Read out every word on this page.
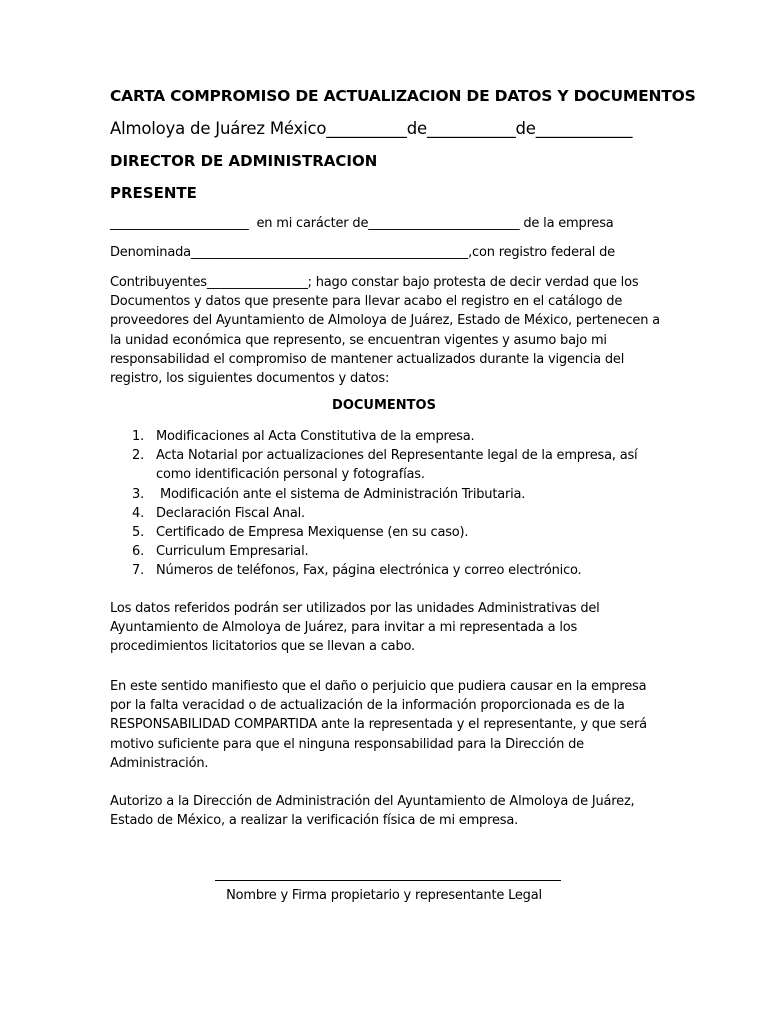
CARTA COMPROMISO DE ACTUALIZACION DE DATOS Y DOCUMENTOS
Almoloya de Juárez México__________de___________de____________
DIRECTOR DE ADMINISTRACION
PRESENTE
______________________  en mi carácter de________________________ de la empresa
Denominada____________________________________________,con registro federal de
Contribuyentes________________; hago constar bajo protesta de decir verdad que los Documentos y datos que presente para llevar acabo el registro en el catálogo de proveedores del Ayuntamiento de Almoloya de Juárez, Estado de México, pertenecen a la unidad económica que represento, se encuentran vigentes y asumo bajo mi responsabilidad el compromiso de mantener actualizados durante la vigencia del registro, los siguientes documentos y datos:
DOCUMENTOS
1. Modificaciones al Acta Constitutiva de la empresa.
2. Acta Notarial por actualizaciones del Representante legal de la empresa, así como identificación personal y fotografías.
3. Modificación ante el sistema de Administración Tributaria.
4. Declaración Fiscal Anal.
5. Certificado de Empresa Mexiquense (en su caso).
6. Curriculum Empresarial.
7. Números de teléfonos, Fax, página electrónica y correo electrónico.
Los datos referidos podrán ser utilizados por las unidades Administrativas del Ayuntamiento de Almoloya de Juárez, para invitar a mi representada a los procedimientos licitatorios que se llevan a cabo.
En este sentido manifiesto que el daño o perjuicio que pudiera causar en la empresa por la falta veracidad o de actualización de la información proporcionada es de la RESPONSABILIDAD COMPARTIDA ante la representada y el representante, y que será motivo suficiente para que el ninguna responsabilidad para la Dirección de Administración.
Autorizo a la Dirección de Administración del Ayuntamiento de Almoloya de Juárez, Estado de México, a realizar la verificación física de mi empresa.
Nombre y Firma propietario y representante Legal
